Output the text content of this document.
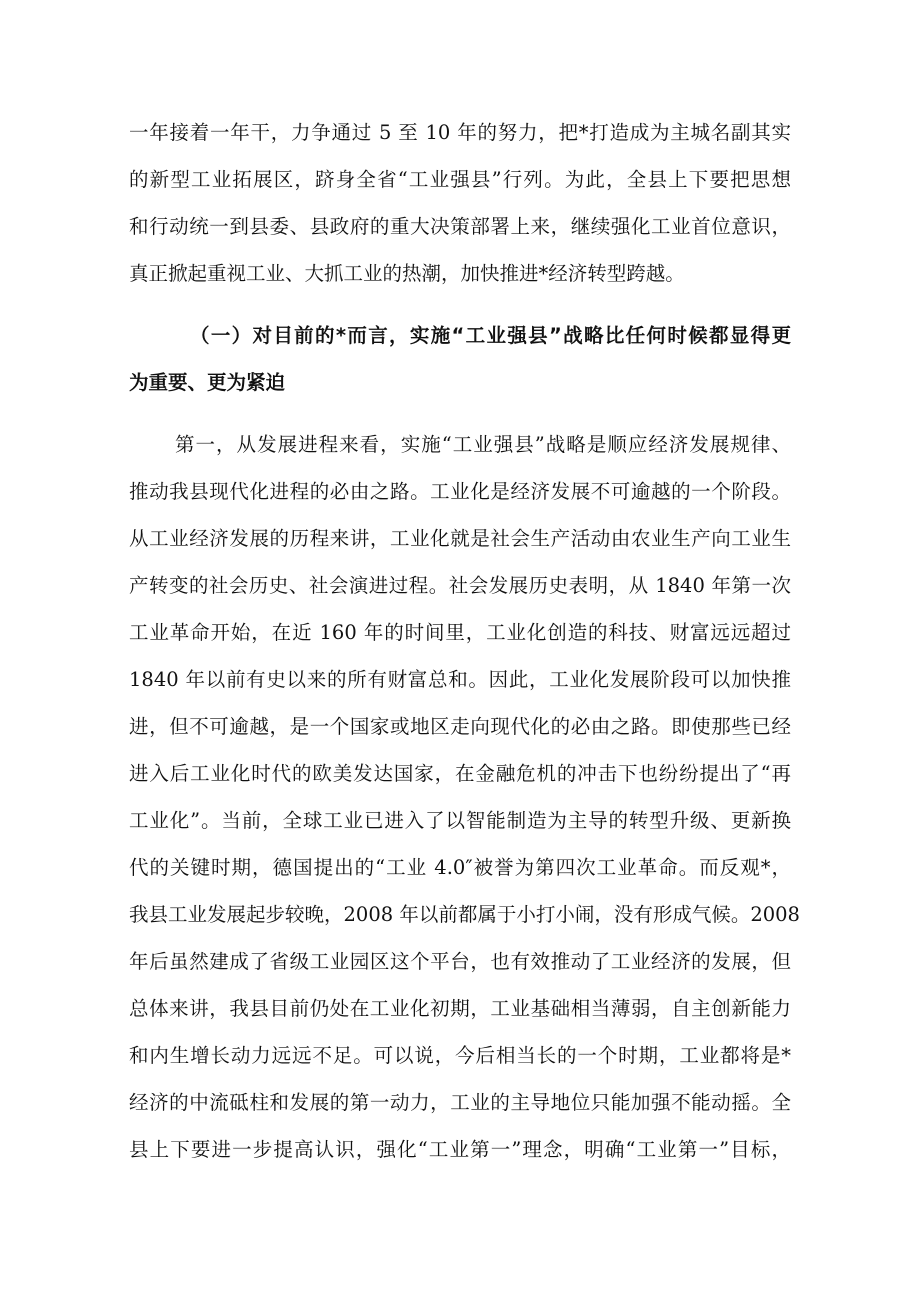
一年接着一年干，力争通过 5 至 10 年的努力，把*打造成为主城名副其实
的新型工业拓展区，跻身全省“工业强县”行列。为此，全县上下要把思想
和行动统一到县委、县政府的重大决策部署上来，继续强化工业首位意识，
真正掀起重视工业、大抓工业的热潮，加快推进*经济转型跨越。
（一）对目前的*而言，实施“工业强县”战略比任何时候都显得更
为重要、更为紧迫
第一，从发展进程来看，实施“工业强县”战略是顺应经济发展规律、
推动我县现代化进程的必由之路。工业化是经济发展不可逾越的一个阶段。
从工业经济发展的历程来讲，工业化就是社会生产活动由农业生产向工业生
产转变的社会历史、社会演进过程。社会发展历史表明，从 1840 年第一次
工业革命开始，在近 160 年的时间里，工业化创造的科技、财富远远超过
1840 年以前有史以来的所有财富总和。因此，工业化发展阶段可以加快推
进，但不可逾越，是一个国家或地区走向现代化的必由之路。即使那些已经
进入后工业化时代的欧美发达国家，在金融危机的冲击下也纷纷提出了“再
工业化”。当前，全球工业已进入了以智能制造为主导的转型升级、更新换
代的关键时期，德国提出的“工业 4.0″被誉为第四次工业革命。而反观*，
我县工业发展起步较晚，2008 年以前都属于小打小闹，没有形成气候。2008
年后虽然建成了省级工业园区这个平台，也有效推动了工业经济的发展，但
总体来讲，我县目前仍处在工业化初期，工业基础相当薄弱，自主创新能力
和内生增长动力远远不足。可以说，今后相当长的一个时期，工业都将是*
经济的中流砥柱和发展的第一动力，工业的主导地位只能加强不能动摇。全
县上下要进一步提高认识，强化“工业第一”理念，明确“工业第一”目标，
